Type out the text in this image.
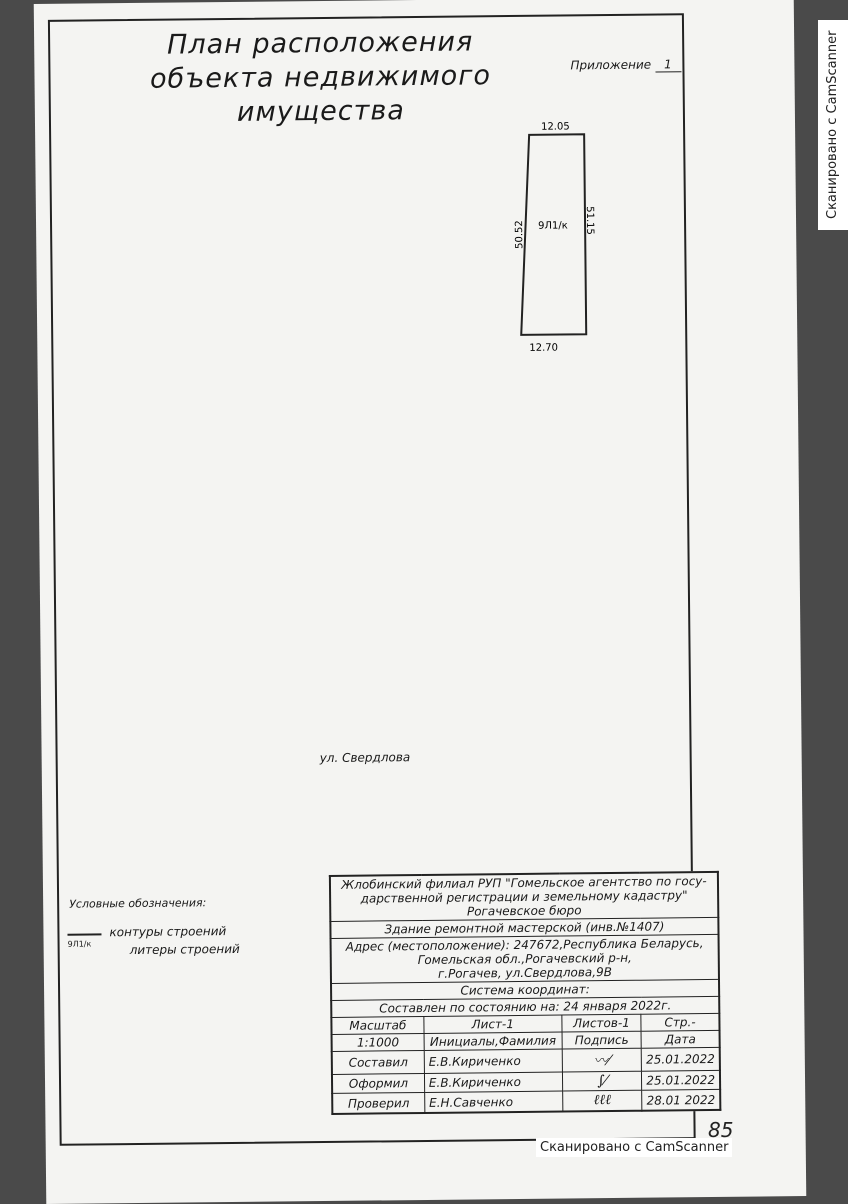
План расположения
объекта недвижимого имущества
Приложение 1
12.05
12.70
50.52	51.15
9Л1/к
ул. Свердлова
Условные обозначения:
9Л1/к
контуры строений
литеры строений
Жлобинский филиал РУП "Гомельское агентство по госу-
дарственной регистрации и земельному кадастру"
Рогачевское бюро			

Здание ремонтной мастерской (инв.№1407)			

Адрес (местоположение): 247672,Республика Беларусь,
Гомельская обл.,Рогачевский р-н,
г.Рогачев, ул.Свердлова,9В			

Система координат:			
Составлен по состоянию на: 24 января 2022г.			
Масштаб	Лист-1	Листов-1	Стр.-
1:1000	Инициалы,Фамилия	Подпись	Дата
Составил	Е.В.Кириченко	〰⁄	25.01.2022
Оформил	Е.В.Кириченко	∫⁄	25.01.2022
Проверил	Е.Н.Савченко	ℓℓℓ	28.01 2022
Сканировано с CamScanner
Сканировано с CamScanner
85
